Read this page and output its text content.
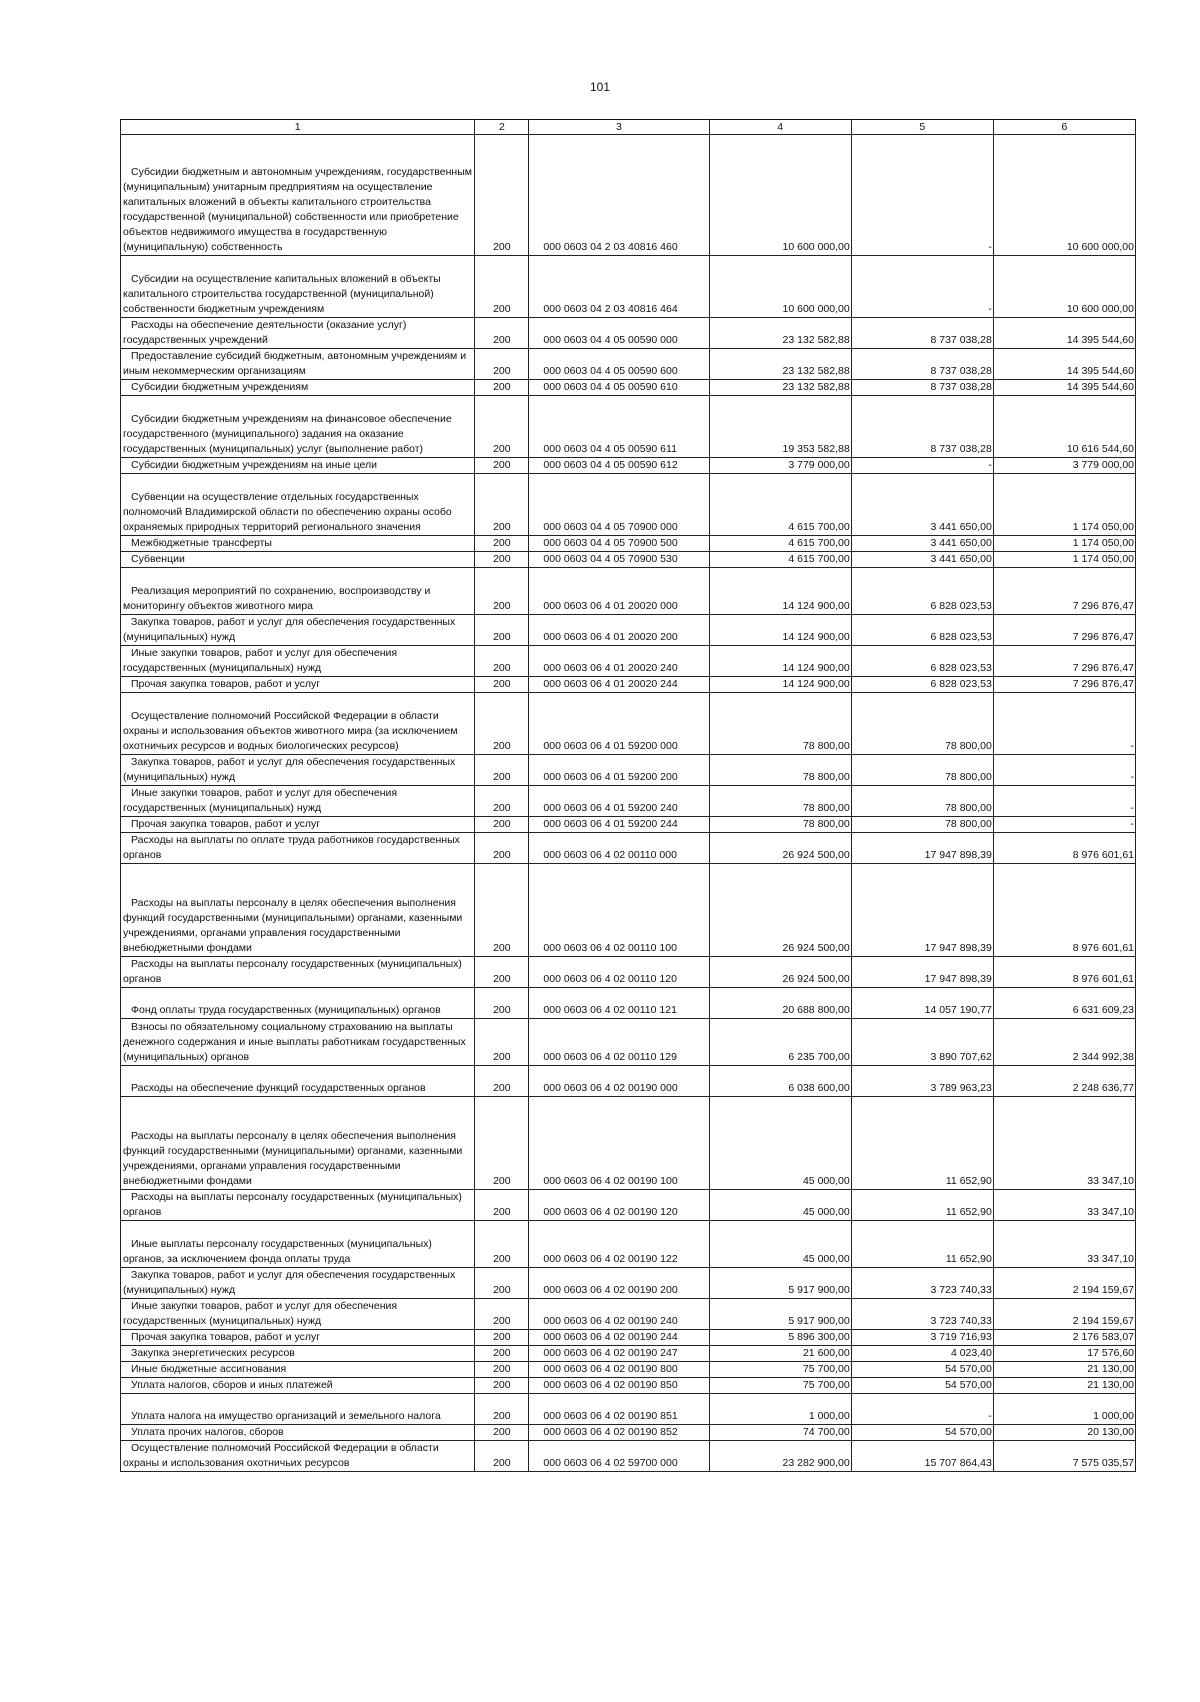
101
1	2	3	4	5	6

Субсидии бюджетным и автономным учреждениям, государственным (муниципальным) унитарным предприятиям на осуществление капитальных вложений в объекты капитального строительства государственной (муниципальной) собственности или приобретение объектов недвижимого имущества в государственную (муниципальную) собственность	200	000 0603 04 2 03 40816 460	10 600 000,00	-	10 600 000,00

Субсидии на осуществление капитальных вложений в объекты капитального строительства государственной (муниципальной) собственности бюджетным учреждениям	200	000 0603 04 2 03 40816 464	10 600 000,00	-	10 600 000,00

Расходы на обеспечение деятельности (оказание услуг) государственных учреждений	200	000 0603 04 4 05 00590 000	23 132 582,88	8 737 038,28	14 395 544,60

Предоставление субсидий бюджетным, автономным учреждениям и иным некоммерческим организациям	200	000 0603 04 4 05 00590 600	23 132 582,88	8 737 038,28	14 395 544,60

Субсидии бюджетным учреждениям	200	000 0603 04 4 05 00590 610	23 132 582,88	8 737 038,28	14 395 544,60

Субсидии бюджетным учреждениям на финансовое обеспечение государственного (муниципального) задания на оказание государственных (муниципальных) услуг (выполнение работ)	200	000 0603 04 4 05 00590 611	19 353 582,88	8 737 038,28	10 616 544,60

Субсидии бюджетным учреждениям на иные цели	200	000 0603 04 4 05 00590 612	3 779 000,00	-	3 779 000,00

Субвенции на осуществление отдельных государственных полномочий Владимирской области по обеспечению охраны особо охраняемых природных территорий регионального значения	200	000 0603 04 4 05 70900 000	4 615 700,00	3 441 650,00	1 174 050,00

Межбюджетные трансферты	200	000 0603 04 4 05 70900 500	4 615 700,00	3 441 650,00	1 174 050,00

Субвенции	200	000 0603 04 4 05 70900 530	4 615 700,00	3 441 650,00	1 174 050,00

Реализация мероприятий по сохранению, воспроизводству и мониторингу объектов животного мира	200	000 0603 06 4 01 20020 000	14 124 900,00	6 828 023,53	7 296 876,47

Закупка товаров, работ и услуг для обеспечения государственных (муниципальных) нужд	200	000 0603 06 4 01 20020 200	14 124 900,00	6 828 023,53	7 296 876,47

Иные закупки товаров, работ и услуг для обеспечения государственных (муниципальных) нужд	200	000 0603 06 4 01 20020 240	14 124 900,00	6 828 023,53	7 296 876,47

Прочая закупка товаров, работ и услуг	200	000 0603 06 4 01 20020 244	14 124 900,00	6 828 023,53	7 296 876,47

Осуществление полномочий Российской Федерации в области охраны и использования объектов животного мира (за исключением охотничьих ресурсов и водных биологических ресурсов)	200	000 0603 06 4 01 59200 000	78 800,00	78 800,00	-

Закупка товаров, работ и услуг для обеспечения государственных (муниципальных) нужд	200	000 0603 06 4 01 59200 200	78 800,00	78 800,00	-

Иные закупки товаров, работ и услуг для обеспечения государственных (муниципальных) нужд	200	000 0603 06 4 01 59200 240	78 800,00	78 800,00	-

Прочая закупка товаров, работ и услуг	200	000 0603 06 4 01 59200 244	78 800,00	78 800,00	-

Расходы на выплаты по оплате труда работников государственных органов	200	000 0603 06 4 02 00110 000	26 924 500,00	17 947 898,39	8 976 601,61

Расходы на выплаты персоналу в целях обеспечения выполнения функций государственными (муниципальными) органами, казенными учреждениями, органами управления государственными внебюджетными фондами	200	000 0603 06 4 02 00110 100	26 924 500,00	17 947 898,39	8 976 601,61

Расходы на выплаты персоналу государственных (муниципальных) органов	200	000 0603 06 4 02 00110 120	26 924 500,00	17 947 898,39	8 976 601,61

Фонд оплаты труда государственных (муниципальных) органов	200	000 0603 06 4 02 00110 121	20 688 800,00	14 057 190,77	6 631 609,23

Взносы по обязательному социальному страхованию на выплаты денежного содержания и иные выплаты работникам государственных (муниципальных) органов	200	000 0603 06 4 02 00110 129	6 235 700,00	3 890 707,62	2 344 992,38

Расходы на обеспечение функций государственных органов	200	000 0603 06 4 02 00190 000	6 038 600,00	3 789 963,23	2 248 636,77

Расходы на выплаты персоналу в целях обеспечения выполнения функций государственными (муниципальными) органами, казенными учреждениями, органами управления государственными внебюджетными фондами	200	000 0603 06 4 02 00190 100	45 000,00	11 652,90	33 347,10

Расходы на выплаты персоналу государственных (муниципальных) органов	200	000 0603 06 4 02 00190 120	45 000,00	11 652,90	33 347,10

Иные выплаты персоналу государственных (муниципальных) органов, за исключением фонда оплаты труда	200	000 0603 06 4 02 00190 122	45 000,00	11 652,90	33 347,10

Закупка товаров, работ и услуг для обеспечения государственных (муниципальных) нужд	200	000 0603 06 4 02 00190 200	5 917 900,00	3 723 740,33	2 194 159,67

Иные закупки товаров, работ и услуг для обеспечения государственных (муниципальных) нужд	200	000 0603 06 4 02 00190 240	5 917 900,00	3 723 740,33	2 194 159,67

Прочая закупка товаров, работ и услуг	200	000 0603 06 4 02 00190 244	5 896 300,00	3 719 716,93	2 176 583,07

Закупка энергетических ресурсов	200	000 0603 06 4 02 00190 247	21 600,00	4 023,40	17 576,60

Иные бюджетные ассигнования	200	000 0603 06 4 02 00190 800	75 700,00	54 570,00	21 130,00

Уплата налогов, сборов и иных платежей	200	000 0603 06 4 02 00190 850	75 700,00	54 570,00	21 130,00

Уплата налога на имущество организаций и земельного налога	200	000 0603 06 4 02 00190 851	1 000,00	-	1 000,00

Уплата прочих налогов, сборов	200	000 0603 06 4 02 00190 852	74 700,00	54 570,00	20 130,00

Осуществление полномочий Российской Федерации в области охраны и использования охотничьих ресурсов	200	000 0603 06 4 02 59700 000	23 282 900,00	15 707 864,43	7 575 035,57
